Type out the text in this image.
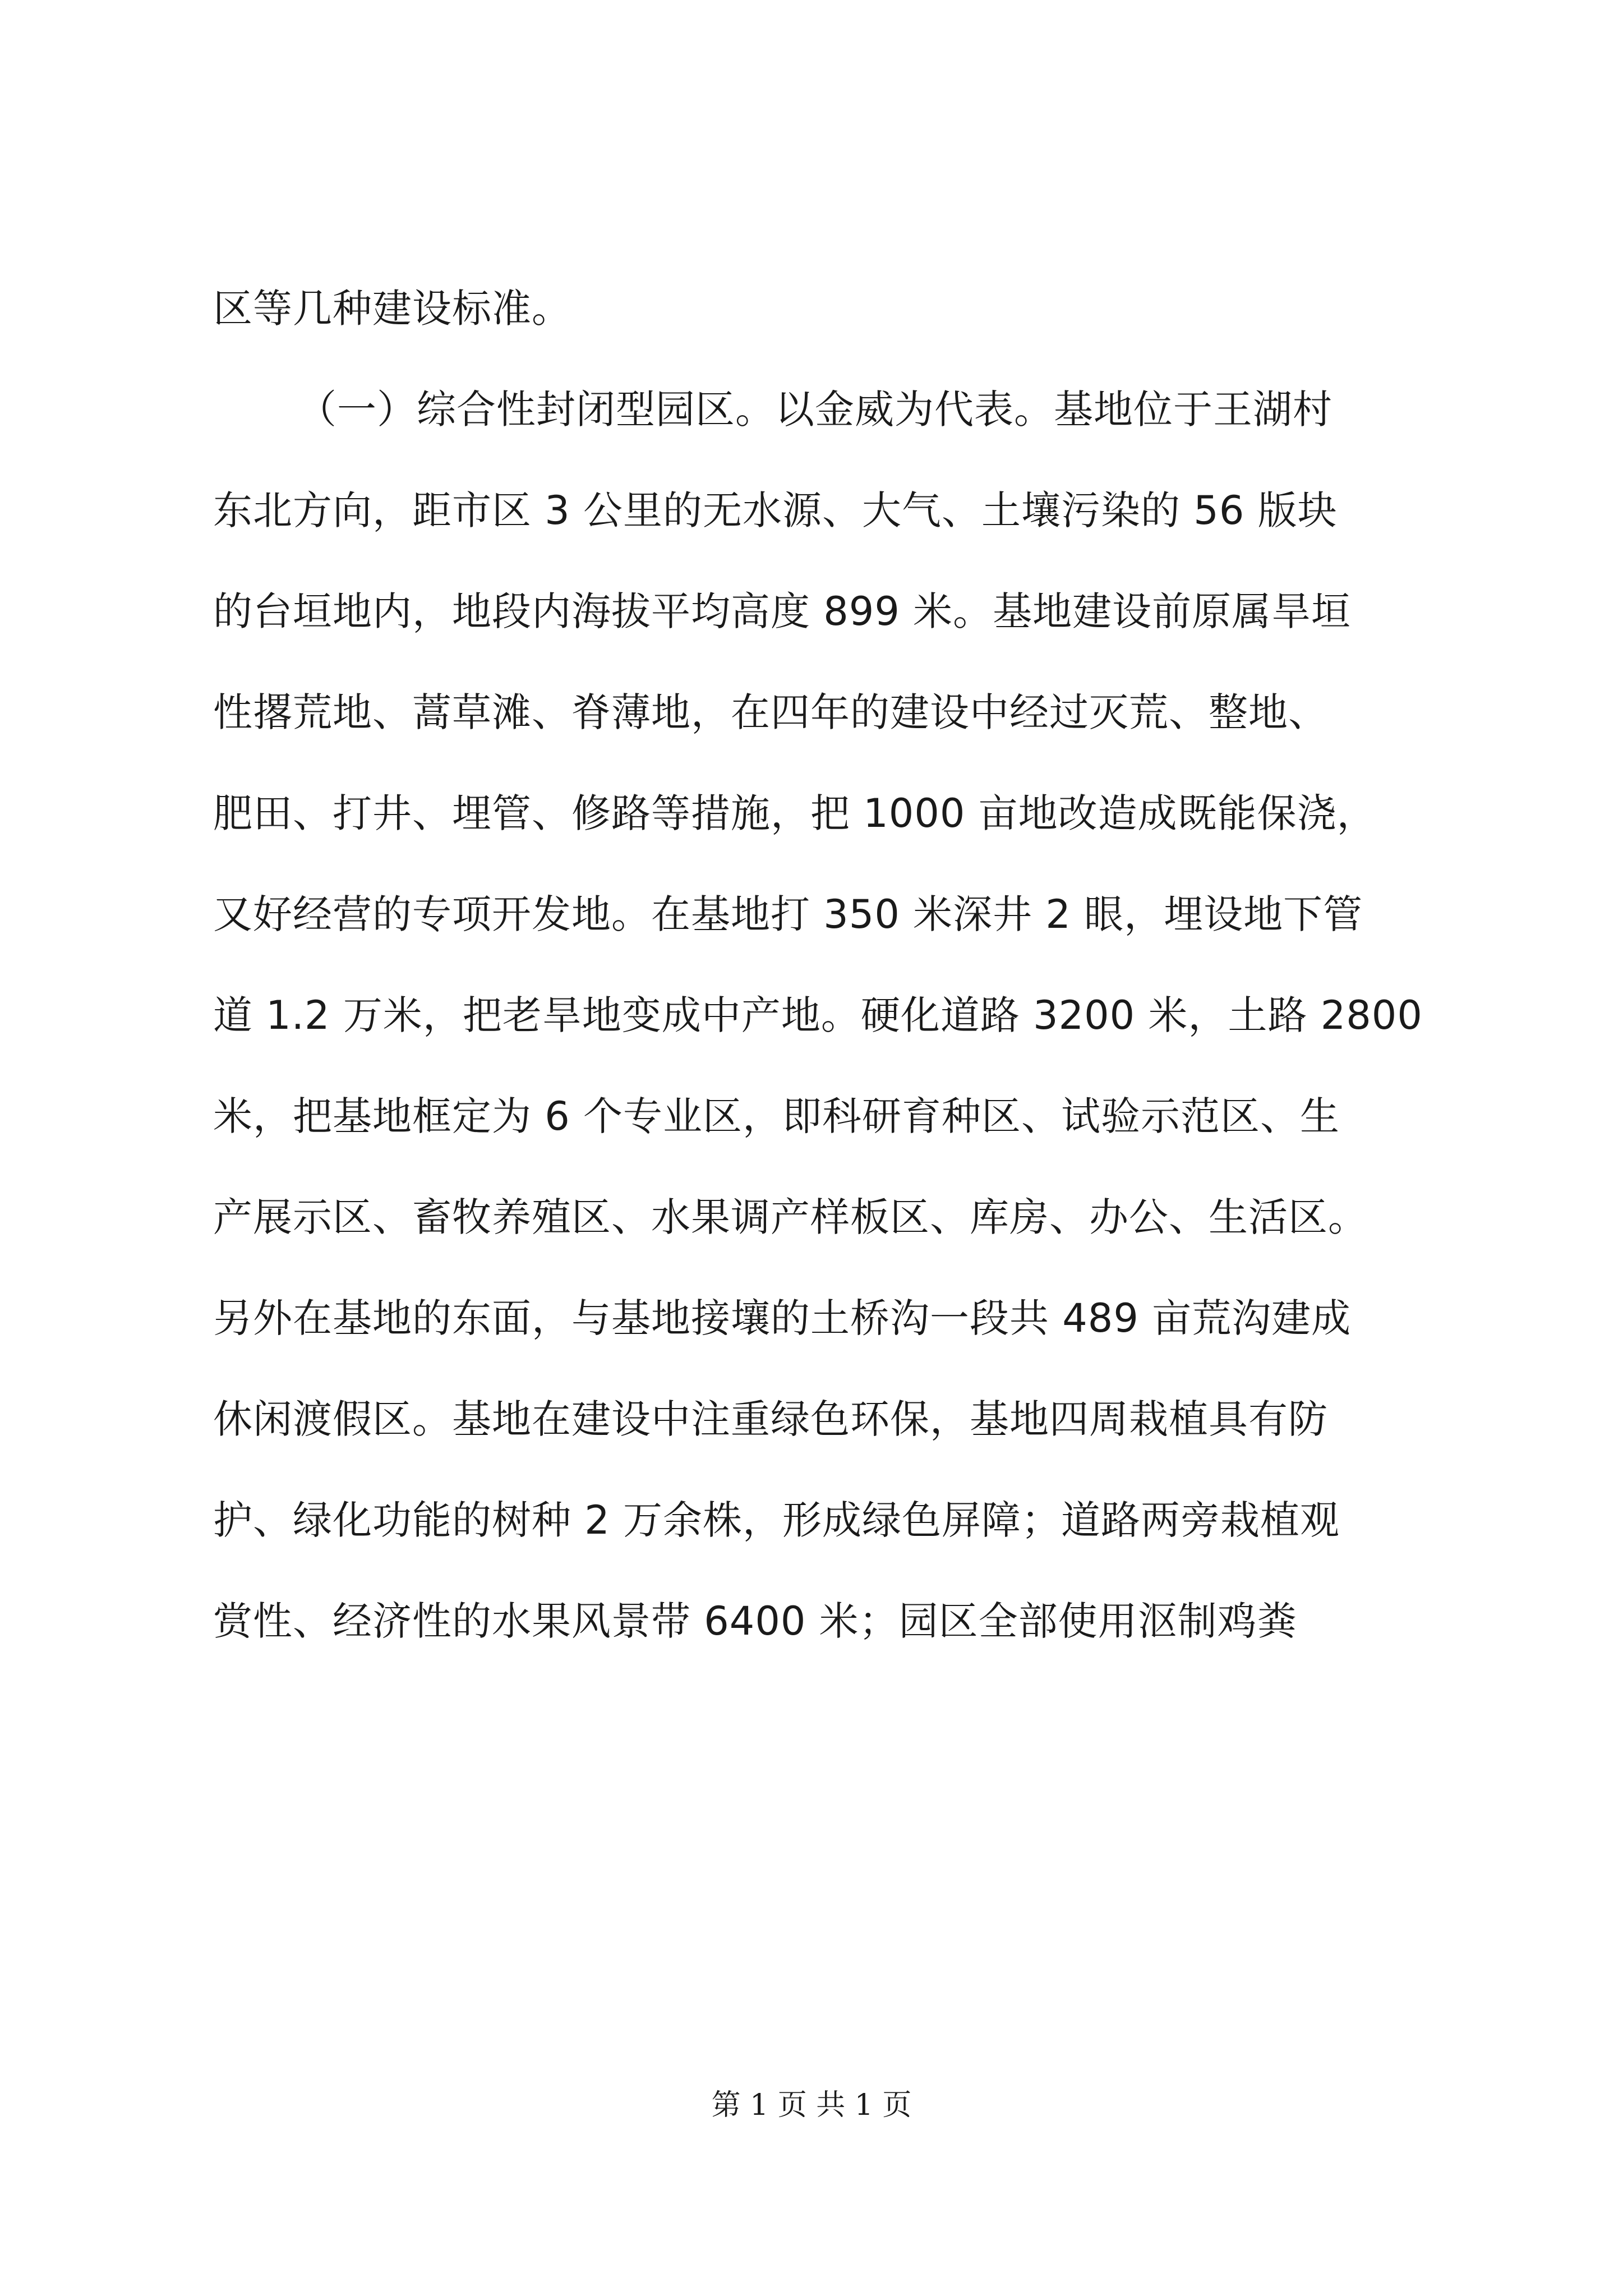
区等几种建设标准。
（一）综合性封闭型园区。以金威为代表。基地位于王湖村
东北方向，距市区 3 公里的无水源、大气、土壤污染的 56 版块
的台垣地内，地段内海拔平均高度 899 米。基地建设前原属旱垣
性撂荒地、蒿草滩、脊薄地，在四年的建设中经过灭荒、整地、
肥田、打井、埋管、修路等措施，把 1000 亩地改造成既能保浇，
又好经营的专项开发地。在基地打 350 米深井 2 眼，埋设地下管
道 1.2 万米，把老旱地变成中产地。硬化道路 3200 米，土路 2800
米，把基地框定为 6 个专业区，即科研育种区、试验示范区、生
产展示区、畜牧养殖区、水果调产样板区、库房、办公、生活区。
另外在基地的东面，与基地接壤的土桥沟一段共 489 亩荒沟建成
休闲渡假区。基地在建设中注重绿色环保，基地四周栽植具有防
护、绿化功能的树种 2 万余株，形成绿色屏障；道路两旁栽植观
赏性、经济性的水果风景带 6400 米；园区全部使用沤制鸡粪
第 1 页 共 1 页
